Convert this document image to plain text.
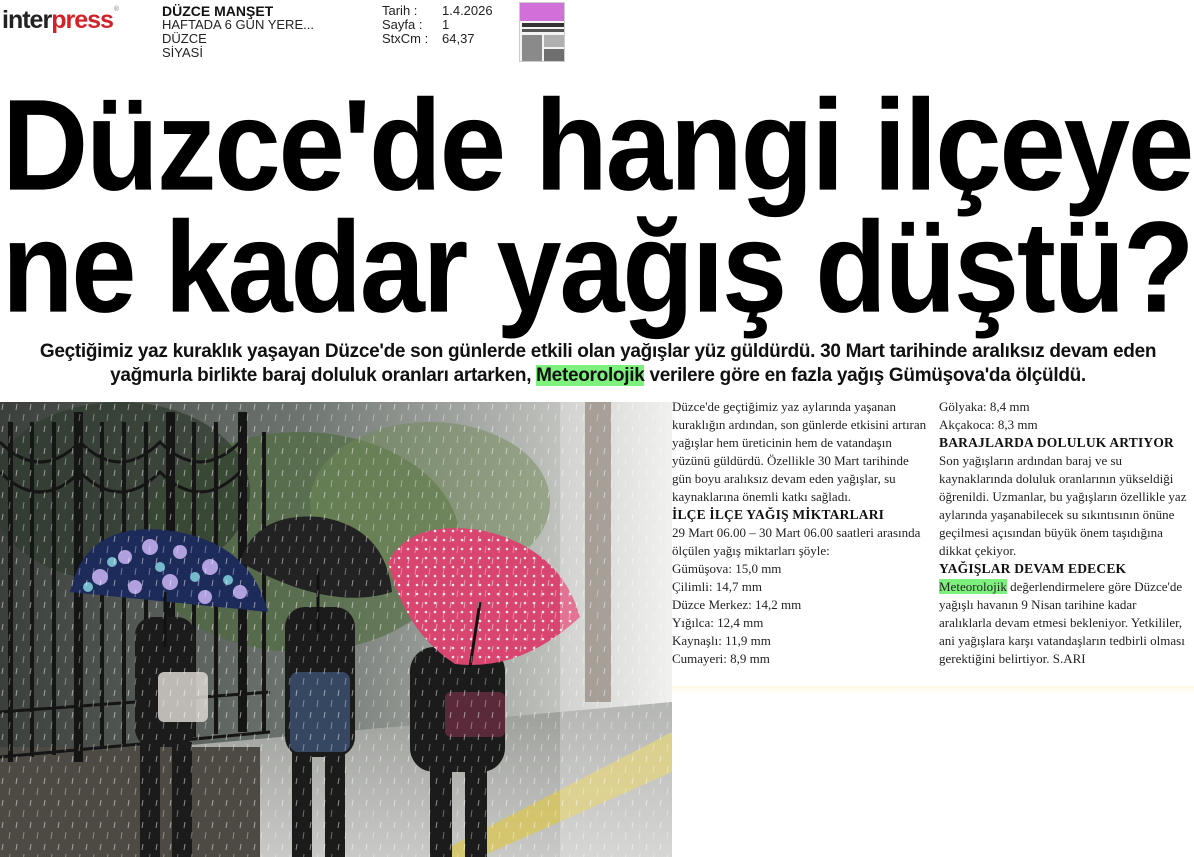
interpress®	DÜZCE MANŞET
HAFTADA 6 GÜN YERE...
DÜZCE
SİYASİ
Tarih :	1.4.2026
Sayfa :	1
StxCm :	64,37
Düzce'de hangi ilçeye
ne kadar yağış düştü?
Geçtiğimiz yaz kuraklık yaşayan Düzce'de son günlerde etkili olan yağışlar yüz güldürdü. 30 Mart tarihinde aralıksız devam eden yağmurla birlikte baraj doluluk oranları artarken, Meteorolojik verilere göre en fazla yağış Gümüşova'da ölçüldü.

Düzce'de geçtiğimiz yaz aylarında yaşanan kuraklığın ardından, son günlerde etkisini artıran yağışlar hem üreticinin hem de vatandaşın yüzünü güldürdü. Özellikle 30 Mart tarihinde gün boyu aralıksız devam eden yağışlar, su kaynaklarına önemli katkı sağladı.

İLÇE İLÇE YAĞIŞ MİKTARLARI

29 Mart 06.00 – 30 Mart 06.00 saatleri arasında ölçülen yağış miktarları şöyle:

Gümüşova: 15,0 mm
Çilimli: 14,7 mm
Düzce Merkez: 14,2 mm
Yığılca: 12,4 mm
Kaynaşlı: 11,9 mm
Cumayeri: 8,9 mm
Gölyaka: 8,4 mm
Akçakoca: 8,3 mm

BARAJLARDA DOLULUK ARTIYOR

Son yağışların ardından baraj ve su kaynaklarında doluluk oranlarının yükseldiği öğrenildi. Uzmanlar, bu yağışların özellikle yaz aylarında yaşanabilecek su sıkıntısının önüne geçilmesi açısından büyük önem taşıdığına dikkat çekiyor.

YAĞIŞLAR DEVAM EDECEK

Meteorolojik değerlendirmelere göre Düzce'de yağışlı havanın 9 Nisan tarihine kadar aralıklarla devam etmesi bekleniyor. Yetkililer, ani yağışlara karşı vatandaşların tedbirli olması gerektiğini belirtiyor. S.ARI
